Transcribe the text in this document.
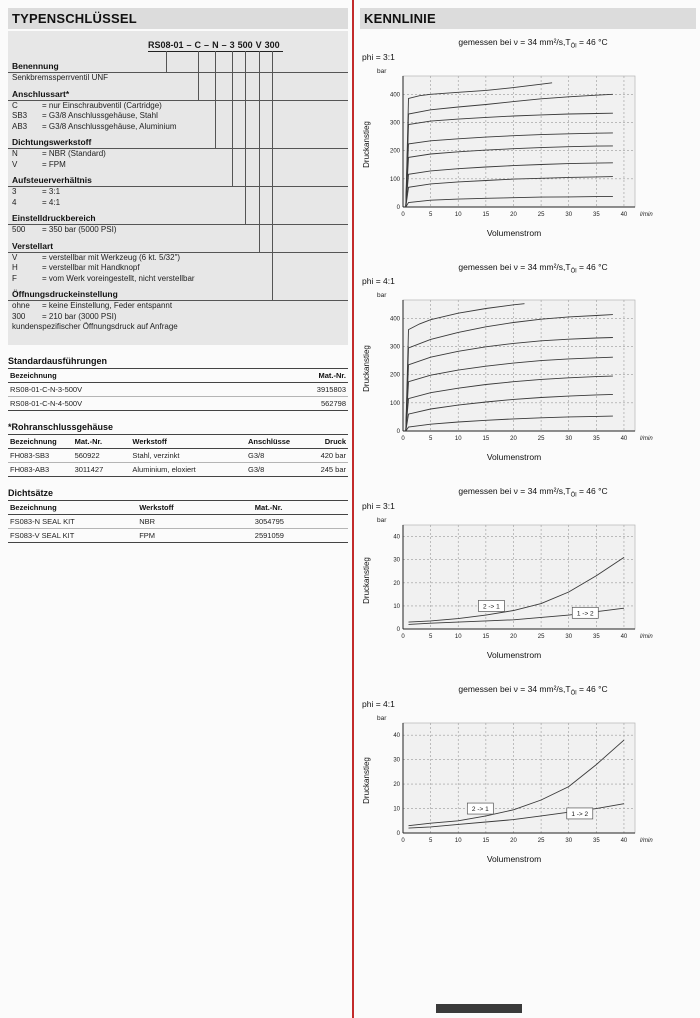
TYPENSCHLÜSSEL
RS08-01 – C – N – 3 500 V 300
Benennung
Senkbremssperrventil UNF
Anschlussart*
C	= nur Einschraubventil (Cartridge)
SB3	= G3/8 Anschlussgehäuse, Stahl
AB3	= G3/8 Anschlussgehäuse, Aluminium
Dichtungswerkstoff
N	= NBR (Standard)
V	= FPM
Aufsteuerverhältnis
3	= 3:1
4	= 4:1
Einstelldruckbereich
500	= 350 bar (5000 PSI)
Verstellart
V	= verstellbar mit Werkzeug (6 kt. 5/32")
H	= verstellbar mit Handknopf
F	= vom Werk voreingestellt, nicht verstellbar
Öffnungsdruckeinstellung
ohne	= keine Einstellung, Feder entspannt
300	= 210 bar (3000 PSI)
kundenspezifischer Öffnungsdruck auf Anfrage
Standardausführungen
Bezeichnung	Mat.-Nr.
RS08-01-C-N-3-500V	3915803
RS08-01-C-N-4-500V	562798
*Rohranschlussgehäuse
Bezeichnung	Mat.-Nr.	Werkstoff	Anschlüsse	Druck
FH083-SB3	560922	Stahl, verzinkt	G3/8	420 bar
FH083-AB3	3011427	Aluminium, eloxiert	G3/8	245 bar
Dichtsätze
Bezeichnung	Werkstoff	Mat.-Nr.
FS083-N SEAL KIT	NBR	3054795
FS083-V SEAL KIT	FPM	2591059
KENNLINIE
gemessen bei ν = 34 mm²/$s,T_{Öl} = 46$ °C
phi = 3:1
Druckanstieg
0
100
200
300
400
0	5	10	15	20	25	30	35	40
bar
l/min
Volumenstrom
gemessen bei ν = 34 mm²/$s,T_{Öl} = 46$ °C
phi = 4:1
Druckanstieg
0
100
200
300
400
0	5	10	15	20	25	30	35	40
bar
l/min
Volumenstrom
gemessen bei ν = 34 mm²/$s,T_{Öl} = 46$ °C
phi = 3:1
Druckanstieg
0
10
20
30
40
0	5	10	15	20	25	30	35	40
bar
l/min
2 -> 1
1 -> 2
Volumenstrom
gemessen bei ν = 34 mm²/$s,T_{Öl} = 46$ °C
phi = 4:1
Druckanstieg
0
10
20
30
40
0	5	10	15	20	25	30	35	40
bar
l/min
2 -> 1
1 -> 2
Volumenstrom
